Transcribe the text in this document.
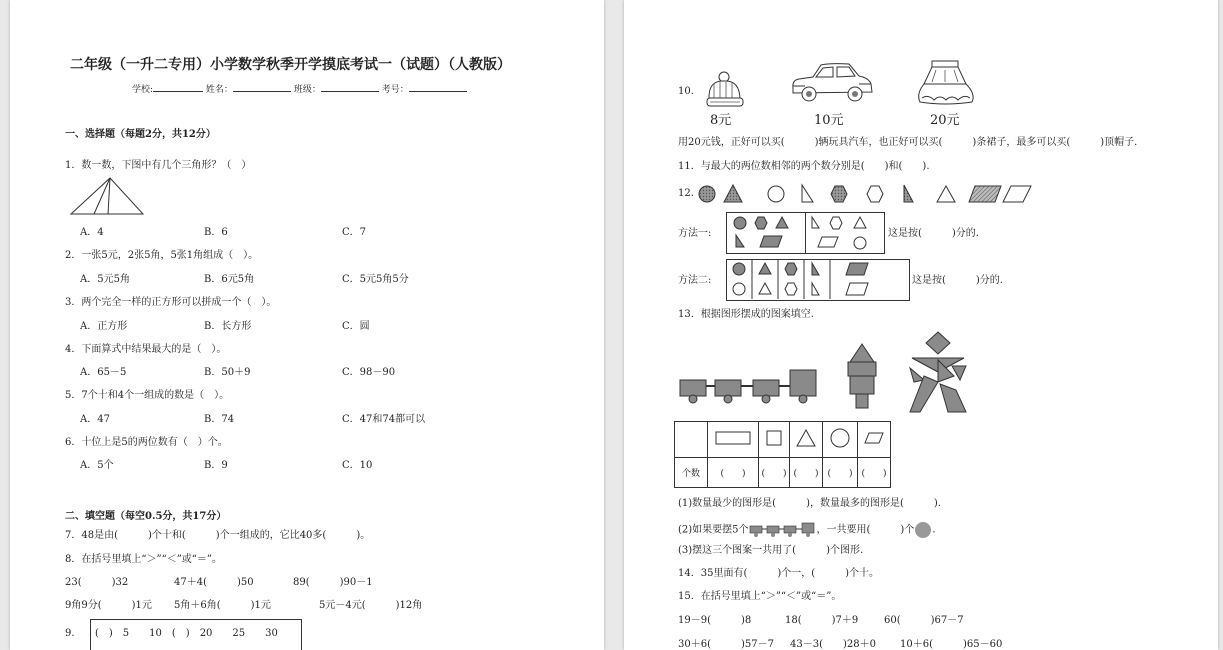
二年级（一升二专用）小学数学秋季开学摸底考试一（试题）（人教版）
学校:	姓名：	班级：	考号：
一、选择题（每题2分，共12分）
1．数一数，下图中有几个三角形？（　）
A．4	B．6	C．7
2．一张5元，2张5角，5张1角组成（　）。
A．5元5角	B．6元5角	C．5元5角5分
3．两个完全一样的正方形可以拼成一个（　）。
A．正方形	B．长方形	C．圆
4．下面算式中结果最大的是（　）。
A．65－5	B．50＋9	C．98－90
5．7个十和4个一组成的数是（　）。
A．47	B．74	C．47和74都可以
6．十位上是5的两位数有（　）个。
A．5个	B．9	C．10
二、填空题（每空0.5分，共17分）
7．48是由(　　　)个十和(　　　)个一组成的，它比40多(　　　)。
8．在括号里填上“＞”“＜”或“＝”。
23(　　　)32	47＋4(　　　)50	89(　　　)90－1
9角9分(　　　)1元 5角＋6角(　　　)1元	5元－4元(　　　)12角
9. (　)　5　　10　(　)　20　　25　　30
10.
8元	10元	20元
用20元钱，正好可以买(　　　)辆玩具汽车，也正好可以买(　　　)条裙子，最多可以买(　　　)顶帽子.
11．与最大的两位数相邻的两个数分别是(　　)和(　　).
12.
方法一:	这是按(　　　)分的.
方法二:	这是按(　　　)分的.
13．根据图形摆成的图案填空.

个数	(　　)	(　　)	(　　)	(　　)	(　　)
(1)数量最少的图形是(　　　)，数量最多的图形是(　　　).
(2)如果要摆5个	，一共要用(　　　)个 .
(3)摆这三个图案一共用了(　　　)个图形.
14．35里面有(　　　)个一，(　　　)个十。
15．在括号里填上“＞”“＜”或“＝”。
19－9(　　　)8	18(　　　)7＋9	60(　　　)67－7
30＋6(　　　)57－7 43－3(　　)28＋0 10＋6(　　　)65－60
